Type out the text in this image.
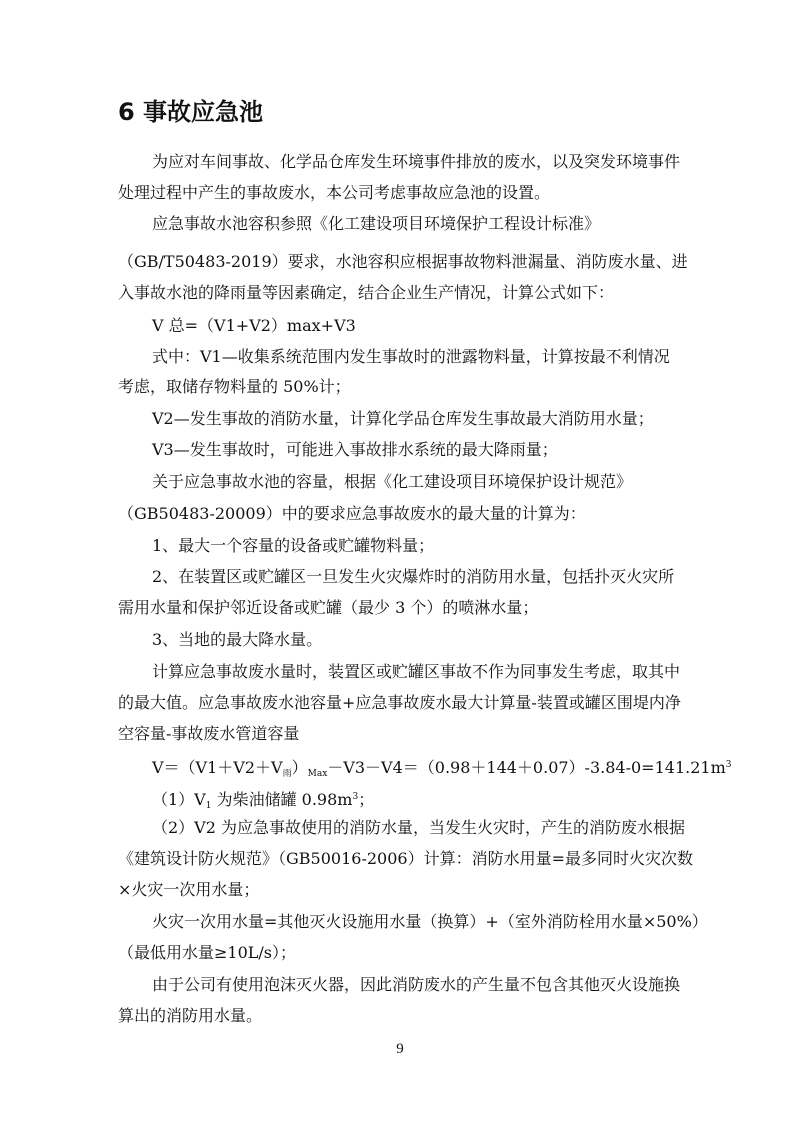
6 事故应急池
为应对车间事故、化学品仓库发生环境事件排放的废水，以及突发环境事件
处理过程中产生的事故废水，本公司考虑事故应急池的设置。
应急事故水池容积参照《化工建设项目环境保护工程设计标准》
（GB/T50483-2019）要求，水池容积应根据事故物料泄漏量、消防废水量、进
入事故水池的降雨量等因素确定，结合企业生产情况，计算公式如下：
V 总=（V1+V2）max+V3
式中：V1—收集系统范围内发生事故时的泄露物料量，计算按最不利情况
考虑，取储存物料量的 50%计；
V2—发生事故的消防水量，计算化学品仓库发生事故最大消防用水量；
V3—发生事故时，可能进入事故排水系统的最大降雨量；
关于应急事故水池的容量，根据《化工建设项目环境保护设计规范》
（GB50483-20009）中的要求应急事故废水的最大量的计算为：
1、最大一个容量的设备或贮罐物料量；
2、在装置区或贮罐区一旦发生火灾爆炸时的消防用水量，包括扑灭火灾所
需用水量和保护邻近设备或贮罐（最少 3 个）的喷淋水量；
3、当地的最大降水量。
计算应急事故废水量时，装置区或贮罐区事故不作为同事发生考虑，取其中
的最大值。应急事故废水池容量+应急事故废水最大计算量-装置或罐区围堤内净
空容量-事故废水管道容量
$V=(V1+V2+V_雨)_{Max}-V3-V4=(0.98+144+0.07)-3.84-0=141.21m^3$
$(1)V_1$ 为柴油储罐 $0.98m^3$；
（2）V2 为应急事故使用的消防水量，当发生火灾时，产生的消防废水根据
《建筑设计防火规范》（GB50016-2006）计算：消防水用量=最多同时火灾次数
×火灾一次用水量；
火灾一次用水量=其他灭火设施用水量（换算）+（室外消防栓用水量×50%）
（最低用水量≥10L/s）；
由于公司有使用泡沫灭火器，因此消防废水的产生量不包含其他灭火设施换
算出的消防用水量。
9
